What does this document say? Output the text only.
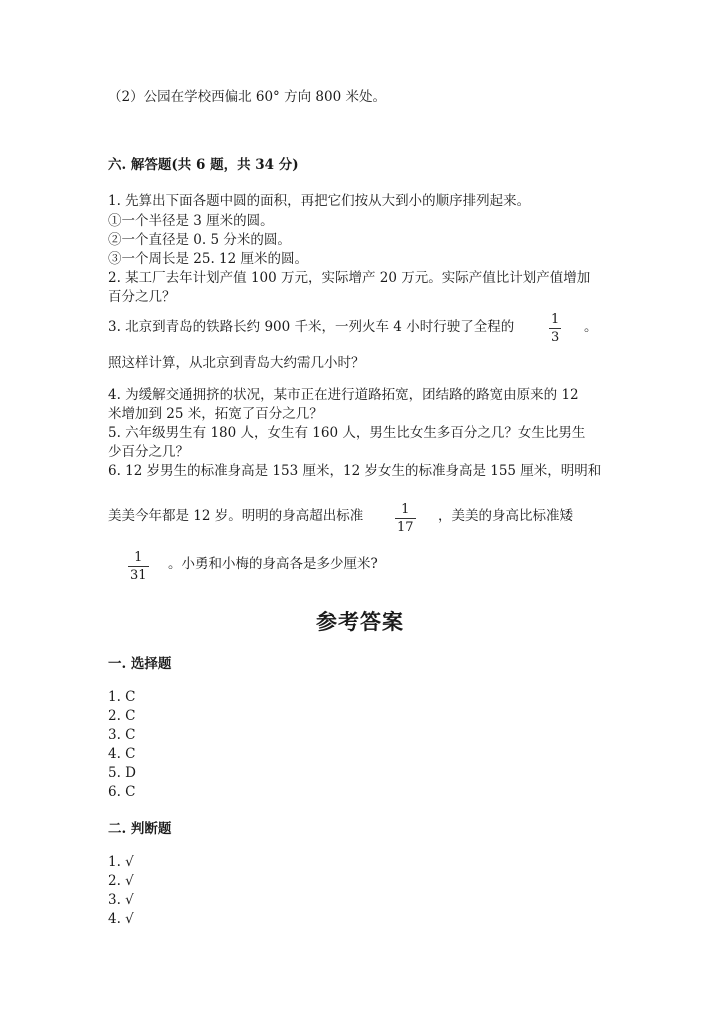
（2）公园在学校西偏北 60° 方向 800 米处。
六. 解答题(共 6 题，共 34 分)
1. 先算出下面各题中圆的面积，再把它们按从大到小的顺序排列起来。
①一个半径是 3 厘米的圆。
②一个直径是 0. 5 分米的圆。
③一个周长是 25. 12 厘米的圆。
2. 某工厂去年计划产值 100 万元，实际增产 20 万元。实际产值比计划产值增加
百分之几？
3. 北京到青岛的铁路长约 900 千米，一列火车 4 小时行驶了全程的	1
3
。
照这样计算，从北京到青岛大约需几小时？
4. 为缓解交通拥挤的状况，某市正在进行道路拓宽，团结路的路宽由原来的 12
米增加到 25 米，拓宽了百分之几？
5. 六年级男生有 180 人，女生有 160 人，男生比女生多百分之几？女生比男生
少百分之几？
6. 12 岁男生的标准身高是 153 厘米，12 岁女生的标准身高是 155 厘米，明明和
美美今年都是 12 岁。明明的身高超出标准	1
17
，美美的身高比标准矮
1
31
。小勇和小梅的身高各是多少厘米?
参考答案
一. 选择题
1. C
2. C
3. C
4. C
5. D
6. C
二. 判断题
1. √
2. √
3. √
4. √
